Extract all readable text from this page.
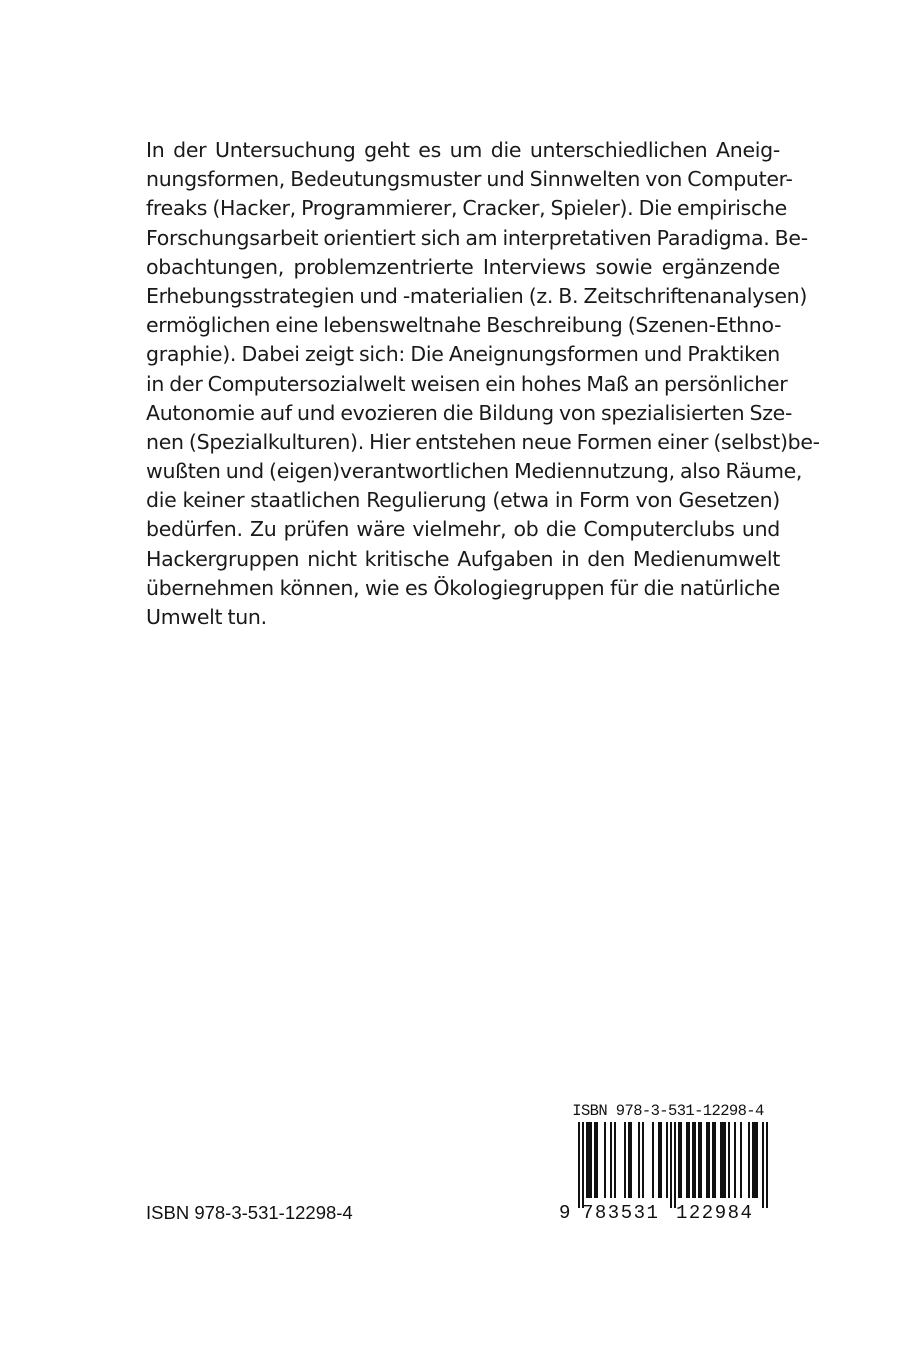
In der Untersuchung geht es um die unterschiedlichen Aneig-
nungsformen, Bedeutungsmuster und Sinnwelten von Computer-
freaks (Hacker, Programmierer, Cracker, Spieler). Die empirische
Forschungsarbeit orientiert sich am interpretativen Paradigma. Be-
obachtungen, problemzentrierte Interviews sowie ergänzende
Erhebungsstrategien und -materialien (z. B. Zeitschriftenanalysen)
ermöglichen eine lebensweltnahe Beschreibung (Szenen-Ethno-
graphie). Dabei zeigt sich: Die Aneignungsformen und Praktiken
in der Computersozialwelt weisen ein hohes Maß an persönlicher
Autonomie auf und evozieren die Bildung von spezialisierten Sze-
nen (Spezialkulturen). Hier entstehen neue Formen einer (selbst)be-
wußten und (eigen)verantwortlichen Mediennutzung, also Räume,
die keiner staatlichen Regulierung (etwa in Form von Gesetzen)
bedürfen. Zu prüfen wäre vielmehr, ob die Computerclubs und
Hackergruppen nicht kritische Aufgaben in den Medienumwelt
übernehmen können, wie es Ökologiegruppen für die natürliche
Umwelt tun.

ISBN 978-3-531-12298-4

ISBN 978-3-531-12298-4

9 783531 122984
